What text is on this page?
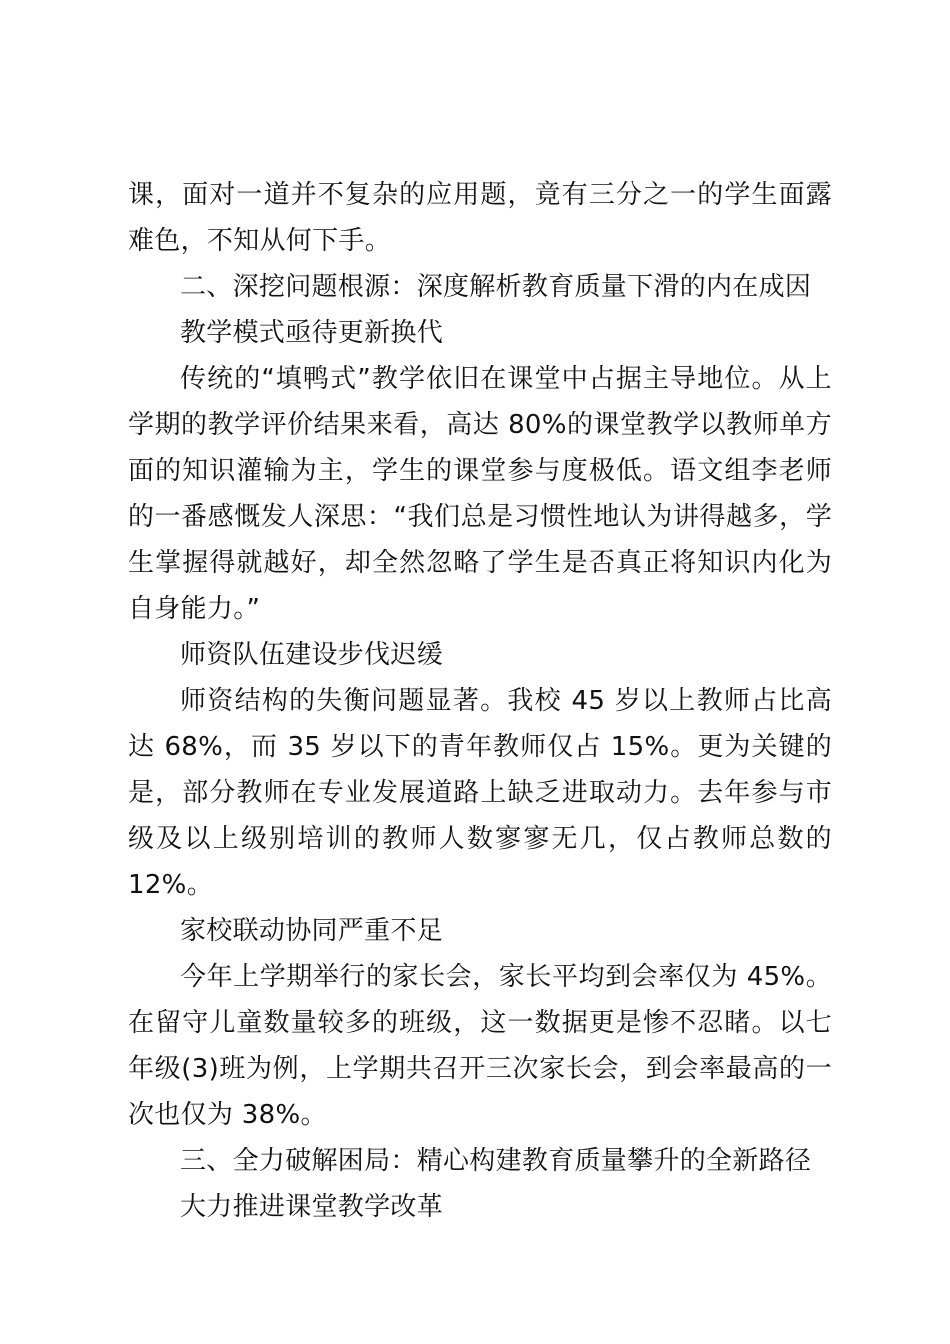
课，面对一道并不复杂的应用题，竟有三分之一的学生面露难色，不知从何下手。

二、深挖问题根源：深度解析教育质量下滑的内在成因

教学模式亟待更新换代

传统的“填鸭式”教学依旧在课堂中占据主导地位。从上学期的教学评价结果来看，高达 80%的课堂教学以教师单方面的知识灌输为主，学生的课堂参与度极低。语文组李老师的一番感慨发人深思：“我们总是习惯性地认为讲得越多，学生掌握得就越好，却全然忽略了学生是否真正将知识内化为自身能力。”

师资队伍建设步伐迟缓

师资结构的失衡问题显著。我校 45 岁以上教师占比高达 68%，而 35 岁以下的青年教师仅占 15%。更为关键的是，部分教师在专业发展道路上缺乏进取动力。去年参与市级及以上级别培训的教师人数寥寥无几，仅占教师总数的 12%。

家校联动协同严重不足

今年上学期举行的家长会，家长平均到会率仅为 45%。在留守儿童数量较多的班级，这一数据更是惨不忍睹。以七年级(3)班为例，上学期共召开三次家长会，到会率最高的一次也仅为 38%。

三、全力破解困局：精心构建教育质量攀升的全新路径

大力推进课堂教学改革
